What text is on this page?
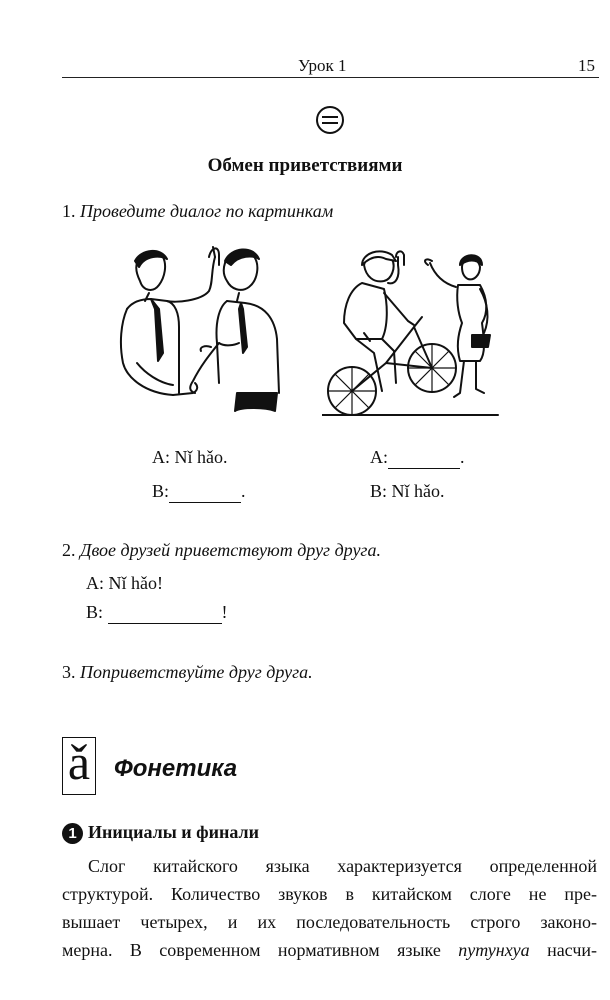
Урок 1	15
Обмен приветствиями
1. Проведите диалог по картинкам
A: Nǐ hǎo.
B:	.
A:	.
B: Nǐ hǎo.
2. Двое друзей приветствуют друг друга.
A: Nǐ hǎo!
B:	!
3. Поприветствуйте друг друга.
ǎ Фонетика
1 Инициалы и финали
Слог китайского языка характеризуется определенной
структурой. Количество звуков в китайском слоге не пре-
вышает четырех, и их последовательность строго законо-
мерна. В современном нормативном языке путунхуа насчи-
